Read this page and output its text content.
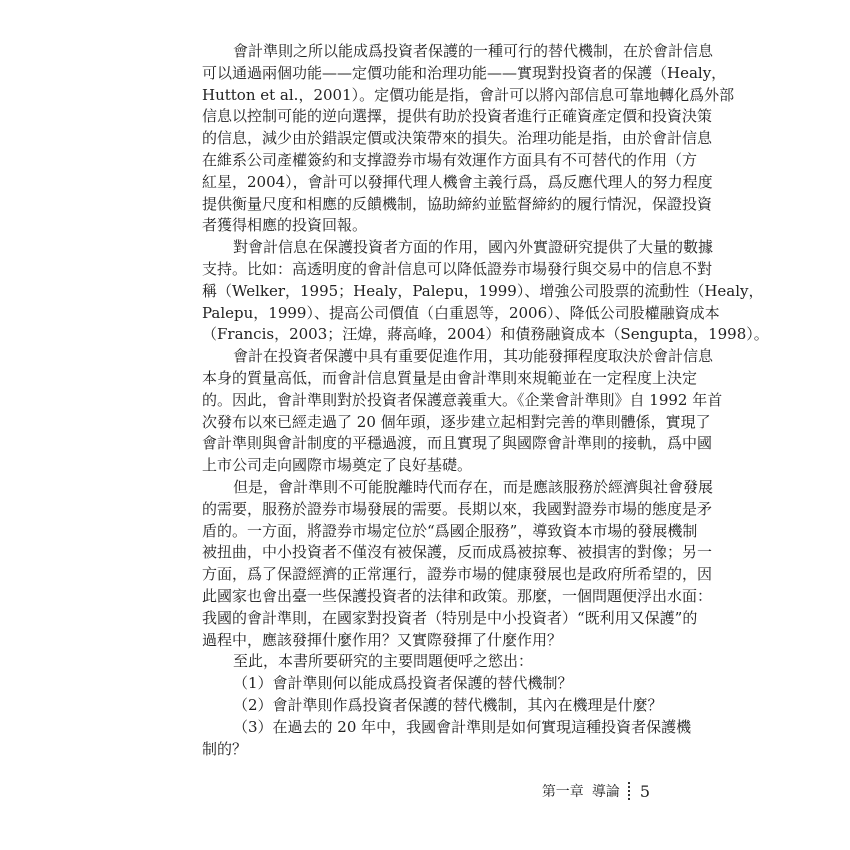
會計準則之所以能成爲投資者保護的一種可行的替代機制，在於會計信息
可以通過兩個功能——定價功能和治理功能——實現對投資者的保護（Healy，
Hutton et al.，2001）。定價功能是指，會計可以將內部信息可靠地轉化爲外部
信息以控制可能的逆向選擇，提供有助於投資者進行正確資產定價和投資決策
的信息，減少由於錯誤定價或決策帶來的損失。治理功能是指，由於會計信息
在維系公司產權簽約和支撑證券市場有效運作方面具有不可替代的作用（方
紅星，2004），會計可以發揮代理人機會主義行爲，爲反應代理人的努力程度
提供衡量尺度和相應的反饋機制，協助締約並監督締約的履行情況，保證投資
者獲得相應的投資回報。
對會計信息在保護投資者方面的作用，國內外實證研究提供了大量的數據
支持。比如：高透明度的會計信息可以降低證券市場發行與交易中的信息不對
稱（Welker，1995；Healy，Palepu，1999）、增強公司股票的流動性（Healy，
Palepu，1999）、提高公司價值（白重恩等，2006）、降低公司股權融資成本
（Francis，2003；汪煒，蔣高峰，2004）和債務融資成本（Sengupta，1998）。
會計在投資者保護中具有重要促進作用，其功能發揮程度取決於會計信息
本身的質量高低，而會計信息質量是由會計準則來規範並在一定程度上決定
的。因此，會計準則對於投資者保護意義重大。《企業會計準則》自 1992 年首
次發布以來已經走過了 20 個年頭，逐步建立起相對完善的準則體係，實現了
會計準則與會計制度的平穩過渡，而且實現了與國際會計準則的接軌，爲中國
上市公司走向國際市場奠定了良好基礎。
但是，會計準則不可能脫離時代而存在，而是應該服務於經濟與社會發展
的需要，服務於證券市場發展的需要。長期以來，我國對證券市場的態度是矛
盾的。一方面，將證券市場定位於“爲國企服務”，導致資本市場的發展機制
被扭曲，中小投資者不僅沒有被保護，反而成爲被掠奪、被損害的對像；另一
方面，爲了保證經濟的正常運行，證券市場的健康發展也是政府所希望的，因
此國家也會出臺一些保護投資者的法律和政策。那麼，一個問題便浮出水面：
我國的會計準則，在國家對投資者（特別是中小投資者）“既利用又保護”的
過程中，應該發揮什麼作用？又實際發揮了什麼作用？
至此，本書所要研究的主要問題便呼之慾出：
（1）會計準則何以能成爲投資者保護的替代機制？
（2）會計準則作爲投資者保護的替代機制，其內在機理是什麼？
（3）在過去的 20 年中，我國會計準則是如何實現這種投資者保護機
制的？
第一章 導論 5
